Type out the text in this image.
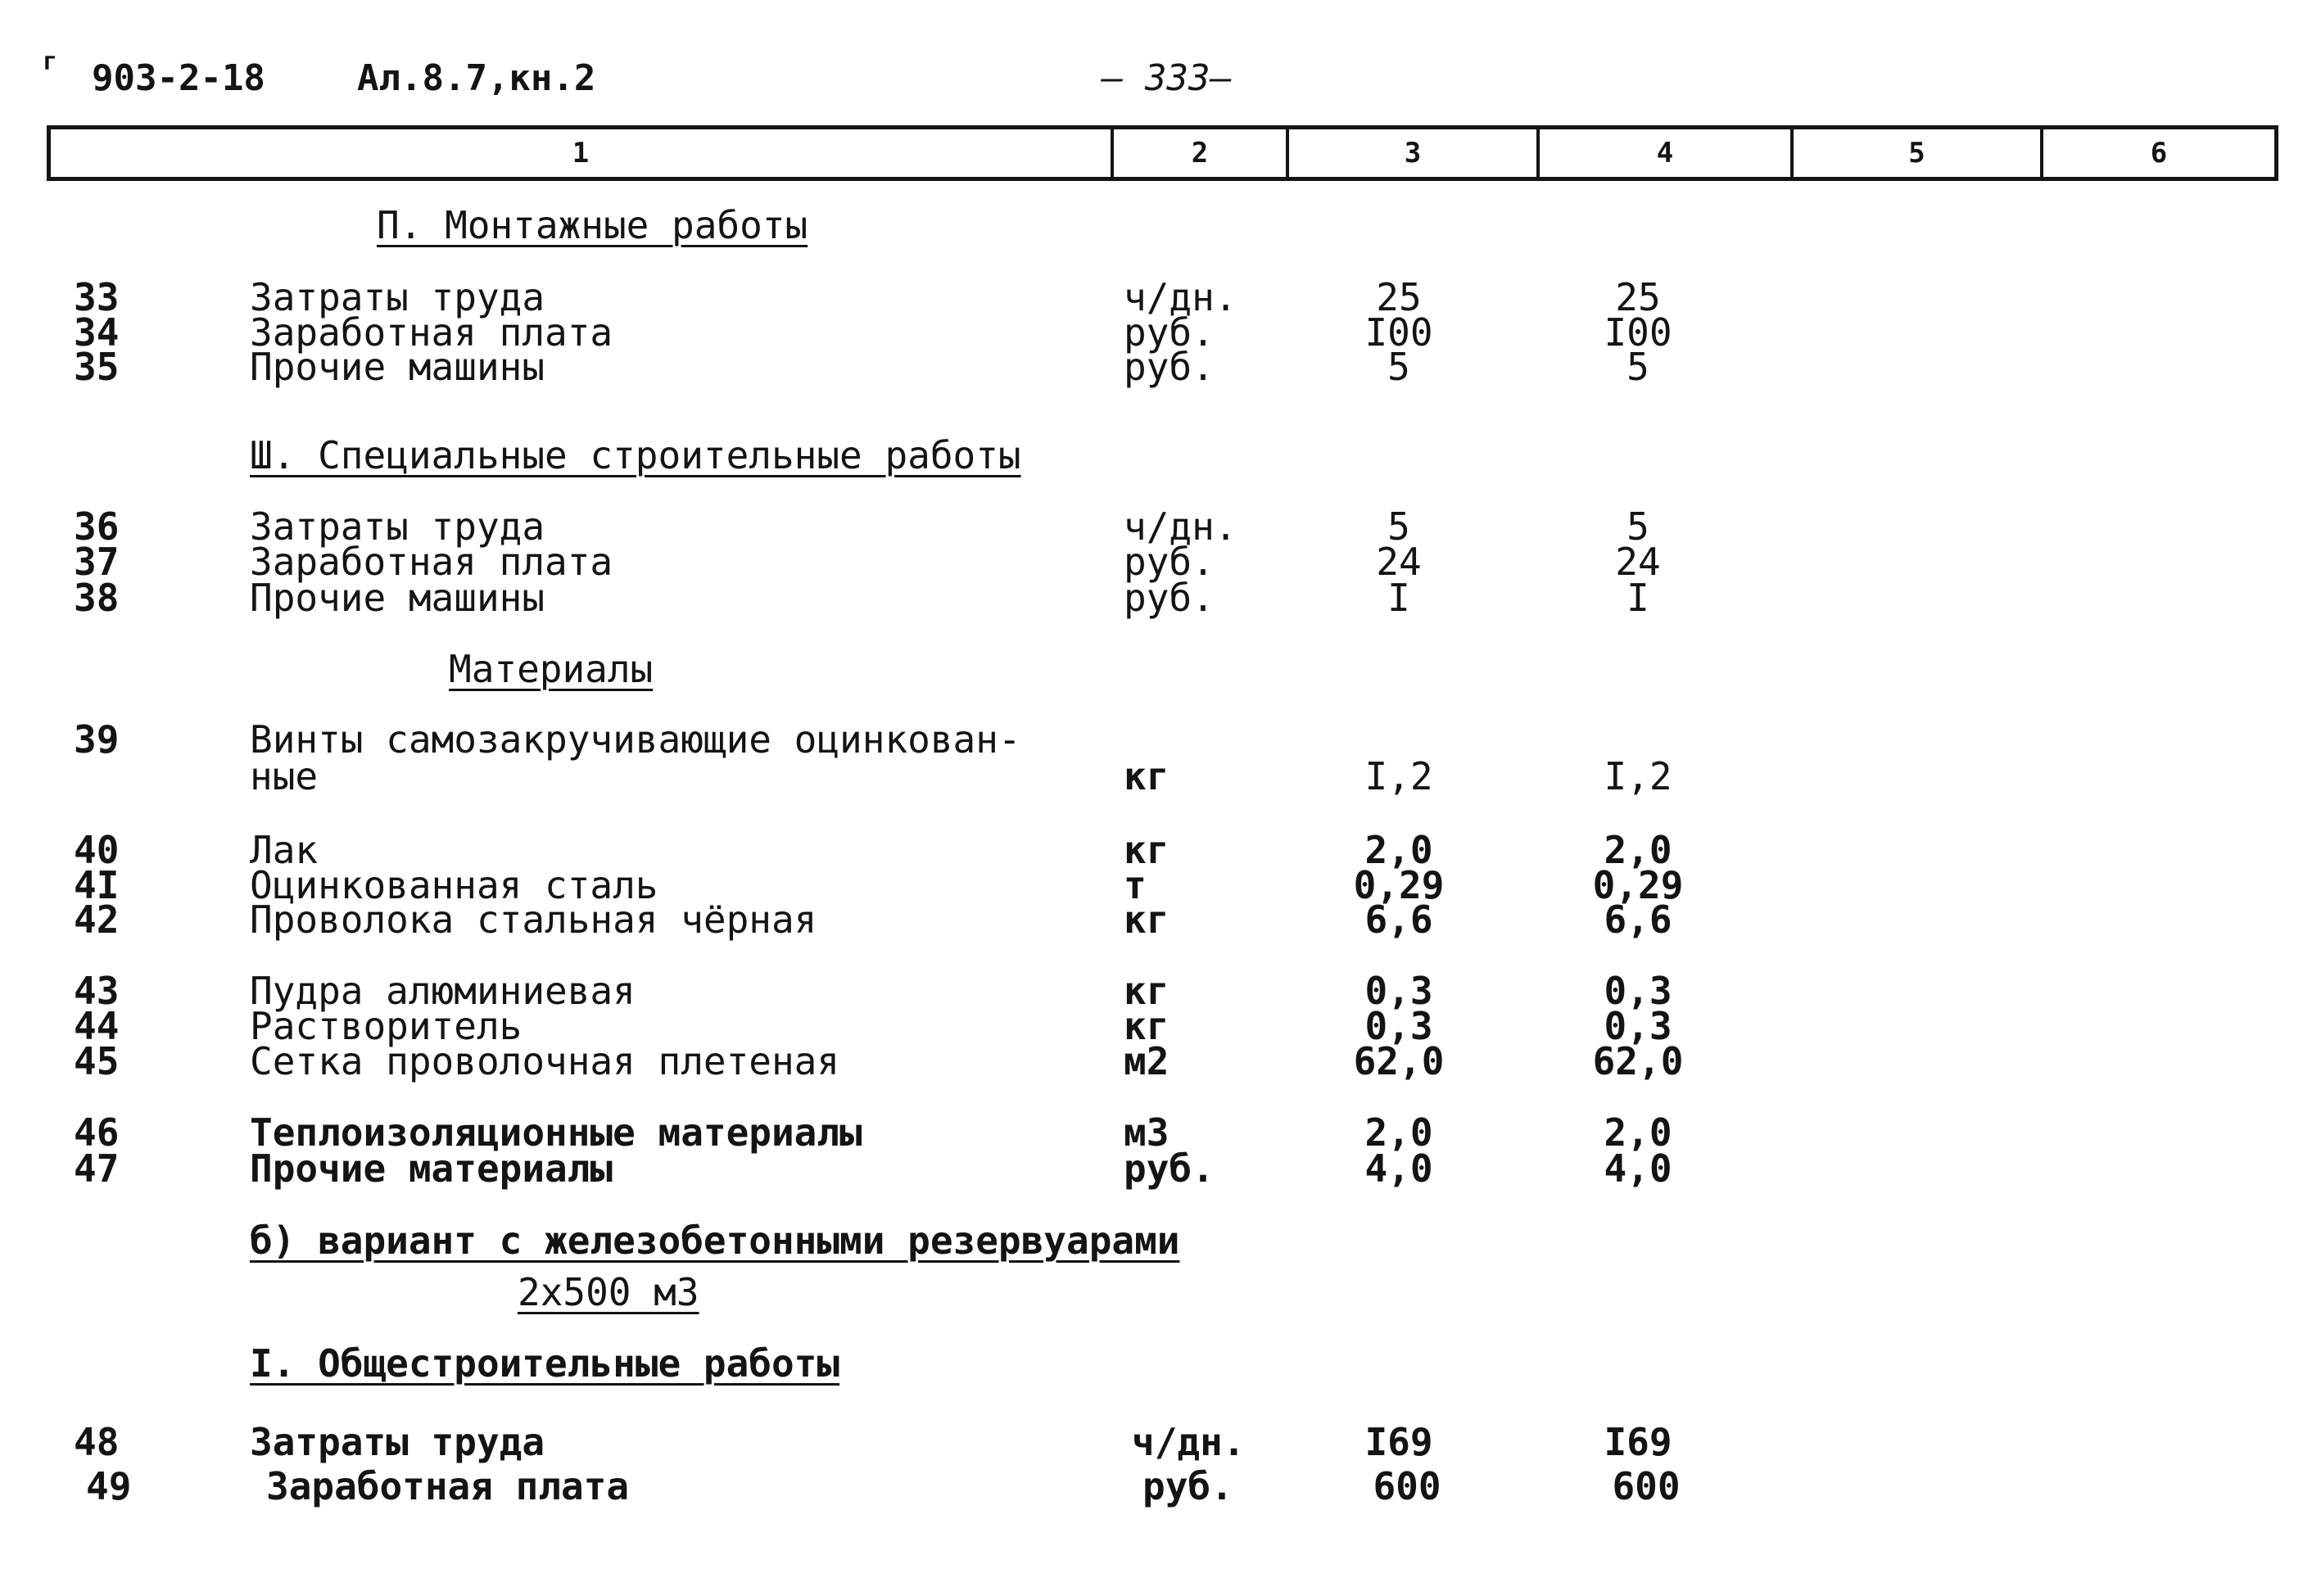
г 903-2-18	Ал.8.7,кн.2	— 333—
1	2	3	4	5	6
П. Монтажные работы
33	Затраты труда	ч/дн.	25	25
34	Заработная плата	руб.	I00	I00
35	Прочие машины	руб.	5	5
Ш. Специальные строительные работы
36	Затраты труда	ч/дн.	5	5
37	Заработная плата	руб.	24	24
38	Прочие машины	руб.	I	I
Материалы
39	Винты самозакручивающие оцинкован-
ные	кг	I,2	I,2
40	Лак	кг	2,0	2,0
4I	Оцинкованная сталь	т	0,29	0,29
42	Проволока стальная чёрная	кг	6,6	6,6
43	Пудра алюминиевая	кг	0,3	0,3
44	Растворитель	кг	0,3	0,3
45	Сетка проволочная плетеная	м2	62,0	62,0
46	Теплоизоляционные материалы	м3	2,0	2,0
47	Прочие материалы	руб.	4,0	4,0
б) вариант с железобетонными резервуарами
2х500 м3
I. Общестроительные работы
48	Затраты труда	ч/дн.	I69	I69
49	Заработная плата	руб.	600	600
